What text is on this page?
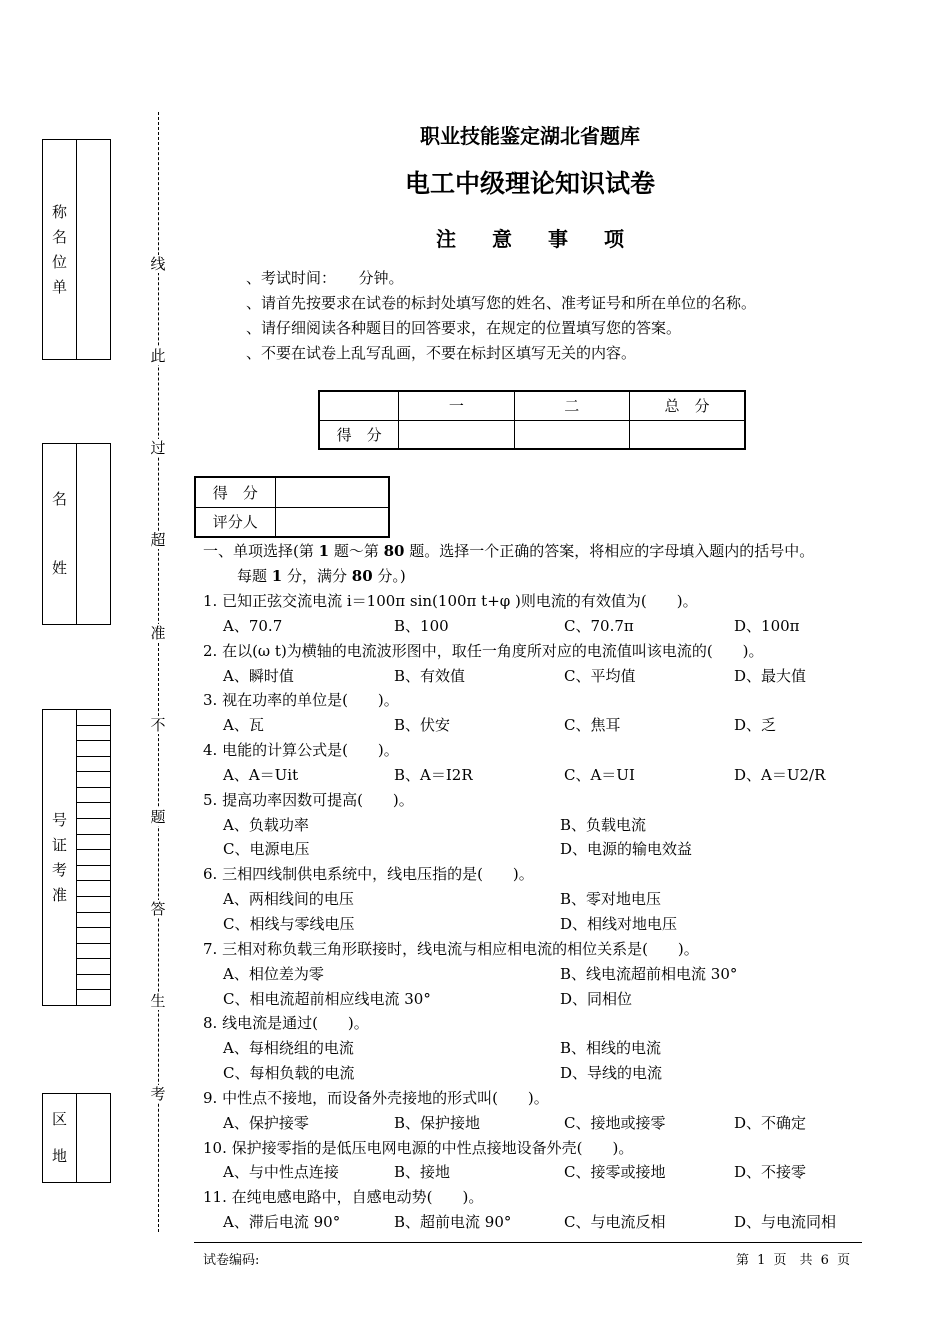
称
名
位
单
名
姓
号
证
考
准
区
地
线
此
过
超
准
不
题
答
生
考
职业技能鉴定湖北省题库
电工中级理论知识试卷
注意事项
、考试时间：　　分钟。
、请首先按要求在试卷的标封处填写您的姓名、准考证号和所在单位的名称。
、请仔细阅读各种题目的回答要求，在规定的位置填写您的答案。
、不要在试卷上乱写乱画，不要在标封区填写无关的内容。
	一	二	总　分
得　分			
得　分	
评分人	
一、单项选择(第 1 题～第 80 题。选择一个正确的答案，将相应的字母填入题内的括号中。
每题 1 分，满分 80 分。)
1. 已知正弦交流电流 i＝100π sin(100π t+φ )则电流的有效值为(　　)。
A、70.7	B、100	C、70.7π	D、100π
2. 在以(ω t)为横轴的电流波形图中，取任一角度所对应的电流值叫该电流的(　　)。
A、瞬时值	B、有效值	C、平均值	D、最大值
3. 视在功率的单位是(　　)。
A、瓦	B、伏安	C、焦耳	D、乏
4. 电能的计算公式是(　　)。
A、A＝Uit	B、A＝I2R	C、A＝UI	D、A＝U2/R
5. 提高功率因数可提高(　　)。
A、负载功率	B、负载电流
C、电源电压	D、电源的输电效益
6. 三相四线制供电系统中，线电压指的是(　　)。
A、两相线间的电压	B、零对地电压
C、相线与零线电压	D、相线对地电压
7. 三相对称负载三角形联接时，线电流与相应相电流的相位关系是(　　)。
A、相位差为零	B、线电流超前相电流 30°
C、相电流超前相应线电流 30°	D、同相位
8. 线电流是通过(　　)。
A、每相绕组的电流	B、相线的电流
C、每相负载的电流	D、导线的电流
9. 中性点不接地，而设备外壳接地的形式叫(　　)。
A、保护接零	B、保护接地	C、接地或接零	D、不确定
10. 保护接零指的是低压电网电源的中性点接地设备外壳(　　)。
A、与中性点连接	B、接地	C、接零或接地	D、不接零
11. 在纯电感电路中，自感电动势(　　)。
A、滞后电流 90°	B、超前电流 90°	C、与电流反相	D、与电流同相
试卷编码:	第 1 页　共 6 页
